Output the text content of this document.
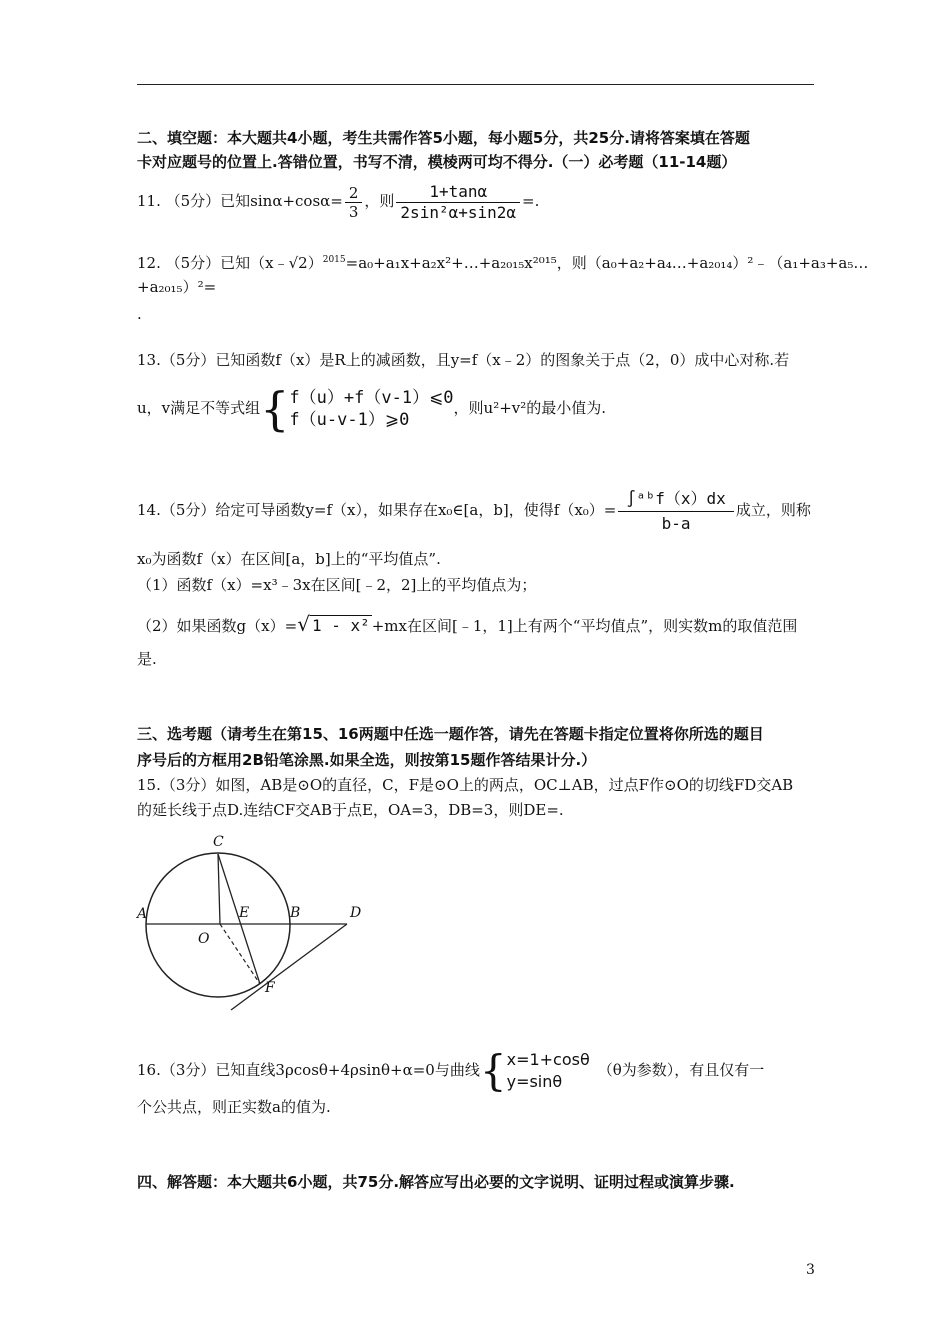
二、填空题：本大题共4小题，考生共需作答5小题，每小题5分，共25分.请将答案填在答题
卡对应题号的位置上.答错位置，书写不清，模棱两可均不得分.（一）必考题（11-14题）
11. （5分）已知$\sin\alpha+\cos\alpha= \frac{2}{3}$ ，则 $\frac{1+\tan\alpha}{\text{2sin²α+sin2α}}$ =.
12. （5分）已知（x﹣√2）$^{2015}$=a₀+a₁x+a₂x²+…+a₂₀₁₅x²⁰¹⁵，则（a₀+a₂+a₄…+a₂₀₁₄）²﹣（a₁+a₃+a₅…
+a₂₀₁₅）²=
.
13.（5分）已知函数f（x）是R上的减函数，且y=f（x﹣2）的图象关于点（2，0）成中心对称.若
u，v满足不等式组{ f（u）+f（v-1）⩽0
f（u-v-1）⩾0
，则u²+v²的最小值为.
14.（5分）给定可导函数y=f（x），如果存在x₀∈[a，b]，使得$f(x_0)= \frac{\text{∫ᵃᵇf（x）dx}}{b-a}$ 成立，则称
x₀为函数f（x）在区间[a，b]上的“平均值点”.
（1）函数f（x）=x³﹣3x在区间[﹣2，2]上的平均值点为；
（2）如果函数g（x）=√ 1 - x² +mx在区间[﹣1，1]上有两个“平均值点”，则实数m的取值范围
是.
三、选考题（请考生在第15、16两题中任选一题作答，请先在答题卡指定位置将你所选的题目
序号后的方框用2B铅笔涂黑.如果全选，则按第15题作答结果计分.）
15.（3分）如图，AB是⊙O的直径，C，F是⊙O上的两点，OC⊥AB，过点F作⊙O的切线FD交AB
的延长线于点D.连结CF交AB于点E，OA=3，DB=3，则DE=.
C
A	E	B	D
O
F
16.（3分）已知直线3ρcosθ+4ρsinθ+α=0与曲线{ x=1+cosθ
y=sinθ
（θ为参数），有且仅有一
个公共点，则正实数a的值为.
四、解答题：本大题共6小题，共75分.解答应写出必要的文字说明、证明过程或演算步骤.
3
